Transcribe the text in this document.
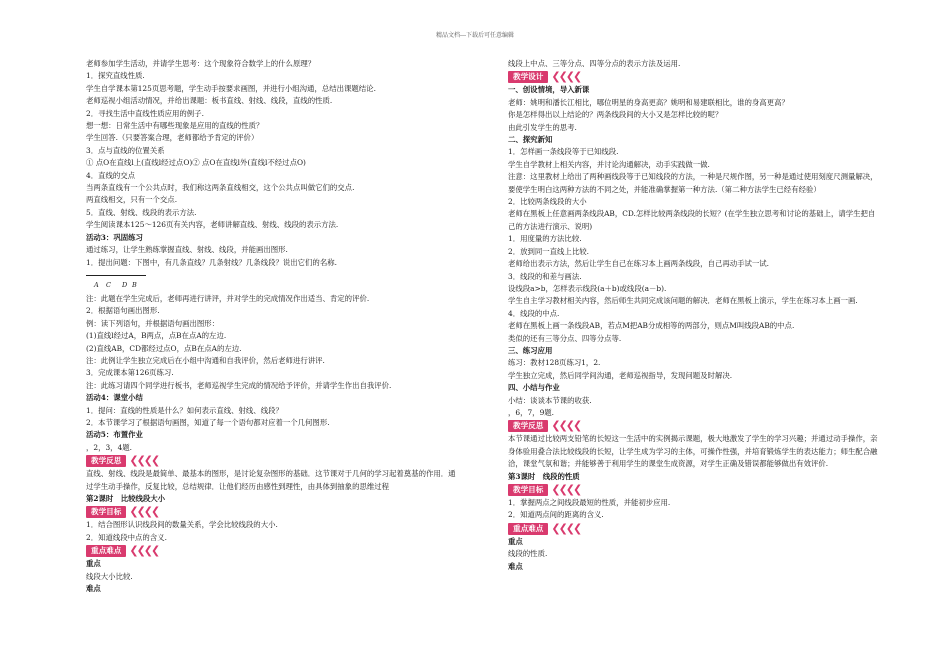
精品文档---下载后可任意编辑

老师参加学生活动，并请学生思考：这个现象符合数学上的什么原理？

1．探究直线性质.

学生自学课本第125页思考题，学生动手按要求画图，并进行小组沟通，总结出课题结论.

老师巡视小组活动情况，并给出课题：板书直线、射线、线段，直线的性质.

2．寻找生活中直线性质应用的例子.

想一想：日常生活中有哪些现象是应用的直线的性质？

学生回答.（只要答案合理，老师都给予肯定的评价）

3．点与直线的位置关系

① 点O在直线l上(直线l经过点O)② 点O在直线l外(直线l不经过点O)

4．直线的交点

当两条直线有一个公共点时，我们称这两条直线相交，这个公共点叫做它们的交点.

两直线相交，只有一个交点.

5．直线、射线、线段的表示方法.

学生阅读课本125～126页有关内容，老师讲解直线、射线、线段的表示方法.

活动3：巩固练习

通过练习，让学生熟练掌握直线、射线、线段，并能画出图形.

1．提出问题：下图中，有几条直线？几条射线？几条线段？说出它们的名称.

A C D B

注：此题在学生完成后，老师再进行讲评，并对学生的完成情况作出适当、肯定的评价.

2．根据语句画出图形.

例：读下列语句，并根据语句画出图形：

(1)直线l经过A，B两点，点B在点A的左边.

(2)直线AB，CD都经过点O，点B在点A的左边.

注：此例让学生独立完成后在小组中沟通和自我评价，然后老师进行讲评.

3．完成课本第126页练习.

注：此练习请四个同学进行板书，老师巡视学生完成的情况给予评价，并请学生作出自我评价.

活动4：课堂小结

1．提问：直线的性质是什么？如何表示直线、射线、线段？

2．本节课学习了根据语句画图，知道了每一个语句都对应着一个几何图形.

活动5：布置作业

，2，3，4题.

教学反思 ❮❮❮❮

直线、射线、线段是最简单、最基本的图形，是讨论复杂图形的基础．这节课对于几何的学习起着奠基的作用．通过学生动手操作，反复比较，总结规律．让他们经历由感性到理性，由具体到抽象的思维过程

第2课时　比较线段大小

教学目标 ❮❮❮❮

1．结合图形认识线段间的数量关系，学会比较线段的大小.

2．知道线段中点的含义.

重点难点 ❮❮❮❮

重点

线段大小比较.

难点

线段上中点、三等分点、四等分点的表示方法及运用.

教学设计 ❮❮❮❮

一、创设情境，导入新课

老师：姚明和潘长江相比，哪位明星的身高更高？姚明和易建联相比，谁的身高更高？

你是怎样得出以上结论的？两条线段间的大小又是怎样比较的呢？

由此引发学生的思考.

二、探究新知

1．怎样画一条线段等于已知线段.

学生自学教材上相关内容，并讨论沟通解决，动手实践做一做.

注意：这里教材上给出了两种画线段等于已知线段的方法，一种是尺规作图，另一种是通过使用刻度尺测量解决，要使学生明白这两种方法的不同之处，并能准确掌握第一种方法.（第二种方法学生已经有经验）

2．比较两条线段的大小

老师在黑板上任意画两条线段AB，CD.怎样比较两条线段的长短？(在学生独立思考和讨论的基础上，请学生把自己的方法进行演示、说明)

1．用度量的方法比较.

2．放到同一直线上比较.

老师给出表示方法，然后让学生自己在练习本上画两条线段，自己再动手试一试.

3．线段的和差与画法.

设线段a>b，怎样表示线段(a＋b)或线段(a－b).

学生自主学习教材相关内容，然后师生共同完成该问题的解决．老师在黑板上演示，学生在练习本上画一画.

4．线段的中点.

老师在黑板上画一条线段AB，若点M把AB分成相等的两部分，则点M叫线段AB的中点.

类似的还有三等分点、四等分点等.

三、练习应用

练习：教材128页练习1，2.

学生独立完成，然后同学间沟通，老师巡视指导，发现问题及时解决.

四、小结与作业

小结：谈谈本节课的收获.

，6，7，9题.

教学反思 ❮❮❮❮

本节课通过比较两支铅笔的长短这一生活中的实例揭示课题，极大地激发了学生的学习兴趣；并通过动手操作，亲身体验用叠合法比较线段的长短，让学生成为学习的主体，可操作性强，并培育锻炼学生的表达能力；师生配合融洽，课堂气氛和谐；并能够善于利用学生的课堂生成资源，对学生正确及错误都能够做出有效评价.

第3课时　线段的性质

教学目标 ❮❮❮❮

1．掌握两点之间线段最短的性质，并能初步应用.

2．知道两点间的距离的含义.

重点难点 ❮❮❮❮

重点

线段的性质.

难点
